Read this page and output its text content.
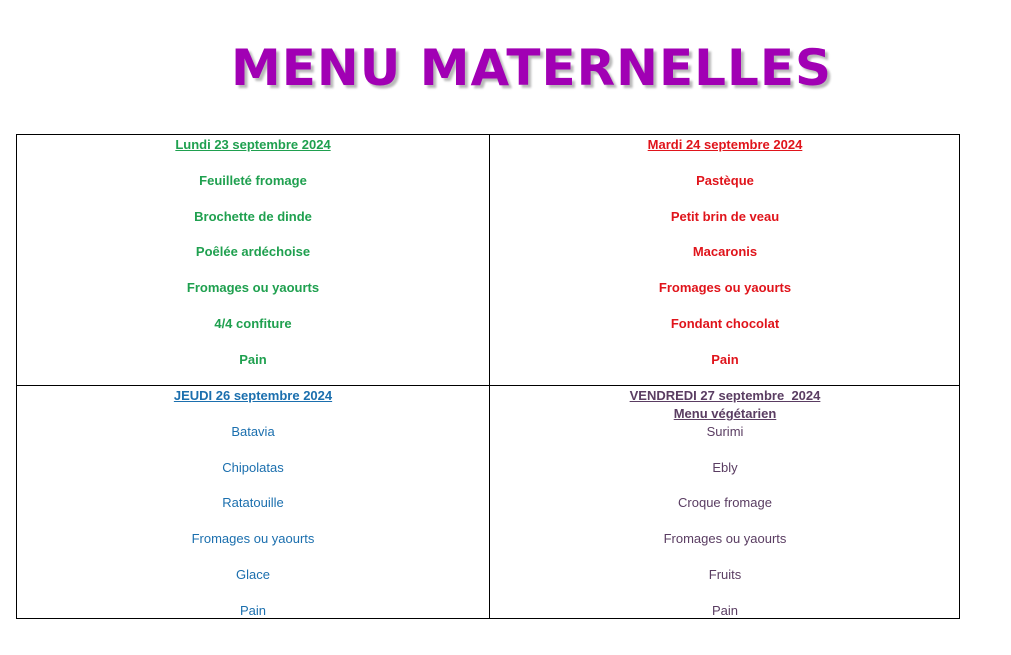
MENU MATERNELLES
Lundi 23 septembre 2024
Feuilleté fromage
Brochette de dinde
Poêlée ardéchoise
Fromages ou yaourts
4/4 confiture
Pain
Mardi 24 septembre 2024
Pastèque
Petit brin de veau
Macaronis
Fromages ou yaourts
Fondant chocolat
Pain
JEUDI 26 septembre 2024
Batavia
Chipolatas
Ratatouille
Fromages ou yaourts
Glace
Pain
VENDREDI 27 septembre  2024
Menu végétarien
Surimi
Ebly
Croque fromage
Fromages ou yaourts
Fruits
Pain
